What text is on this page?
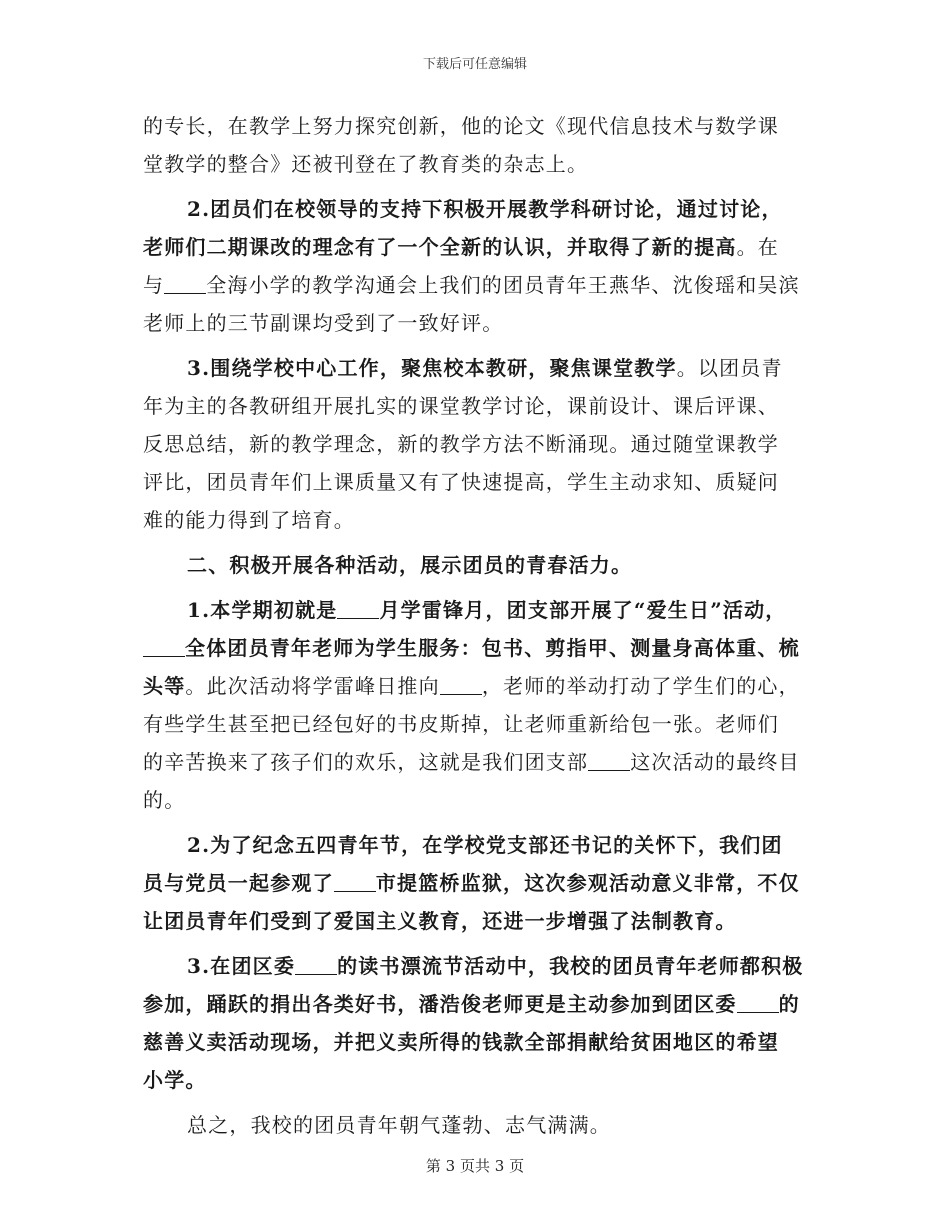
下载后可任意编辑
的专长，在教学上努力探究创新，他的论文《现代信息技术与数学课
堂教学的整合》还被刊登在了教育类的杂志上。
2.团员们在校领导的支持下积极开展教学科研讨论，通过讨论，
老师们二期课改的理念有了一个全新的认识，并取得了新的提高。在
与 全海小学的教学沟通会上我们的团员青年王燕华、沈俊瑶和吴滨
老师上的三节副课均受到了一致好评。
3.围绕学校中心工作，聚焦校本教研，聚焦课堂教学。以团员青
年为主的各教研组开展扎实的课堂教学讨论，课前设计、课后评课、
反思总结，新的教学理念，新的教学方法不断涌现。通过随堂课教学
评比，团员青年们上课质量又有了快速提高，学生主动求知、质疑问
难的能力得到了培育。
二、积极开展各种活动，展示团员的青春活力。
1.本学期初就是 月学雷锋月，团支部开展了“爱生日”活动，
全体团员青年老师为学生服务：包书、剪指甲、测量身高体重、梳
头等。此次活动将学雷峰日推向 ，老师的举动打动了学生们的心，
有些学生甚至把已经包好的书皮斯掉，让老师重新给包一张。老师们
的辛苦换来了孩子们的欢乐，这就是我们团支部 这次活动的最终目
的。
2.为了纪念五四青年节，在学校党支部还书记的关怀下，我们团
员与党员一起参观了 市提篮桥监狱，这次参观活动意义非常，不仅
让团员青年们受到了爱国主义教育，还进一步增强了法制教育。
3.在团区委 的读书漂流节活动中，我校的团员青年老师都积极
参加，踊跃的捐出各类好书，潘浩俊老师更是主动参加到团区委 的
慈善义卖活动现场，并把义卖所得的钱款全部捐献给贫困地区的希望
小学。
总之，我校的团员青年朝气蓬勃、志气满满。
第 3 页共 3 页
